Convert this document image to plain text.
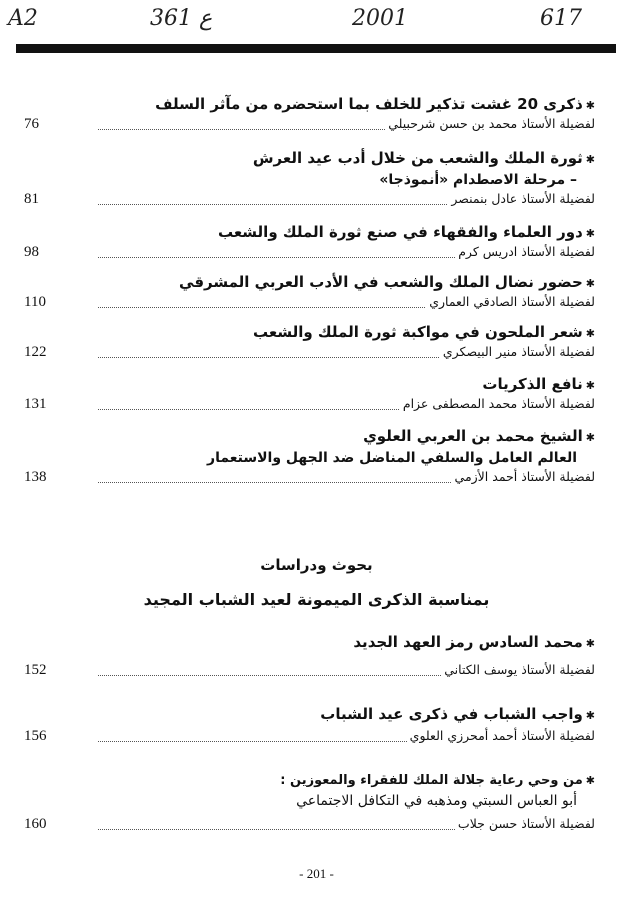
A2	361 ع	2001	617
✱ذكرى 20 غشت تذكير للخلف بما استحضره من مآثر السلف
لفضيلة الأستاذ محمد بن حسن شرحبيلي
76
✱ثورة الملك والشعب من خلال أدب عيد العرش
– مرحلة الاصطدام «أنموذجا»
لفضيلة الأستاذ عادل بنمنصر
81
✱دور العلماء والفقهاء في صنع ثورة الملك والشعب
لفضيلة الأستاذ ادريس كرم
98
✱حضور نضال الملك والشعب في الأدب العربي المشرقي
لفضيلة الأستاذ الصادقي العماري
110
✱شعر الملحون في مواكبة ثورة الملك والشعب
لفضيلة الأستاذ منير البيصكري
122
✱نافع الذكريات
لفضيلة الأستاذ محمد المصطفى عزام
131
✱الشيخ محمد بن العربي العلوي
العالم العامل والسلفي المناضل ضد الجهل والاستعمار
لفضيلة الأستاذ أحمد الأزمي
138
بحوث ودراسات
بمناسبة الذكرى الميمونة لعيد الشباب المجيد
✱محمد السادس رمز العهد الجديد
لفضيلة الأستاذ يوسف الكتاني
152
✱واجب الشباب في ذكرى عيد الشباب
لفضيلة الأستاذ أحمد أمحرزي العلوي
156
✱من وحي رعاية جلالة الملك للفقراء والمعوزين :
أبو العباس السبتي ومذهبه في التكافل الاجتماعي
لفضيلة الأستاذ حسن جلاب
160
- 201 -
